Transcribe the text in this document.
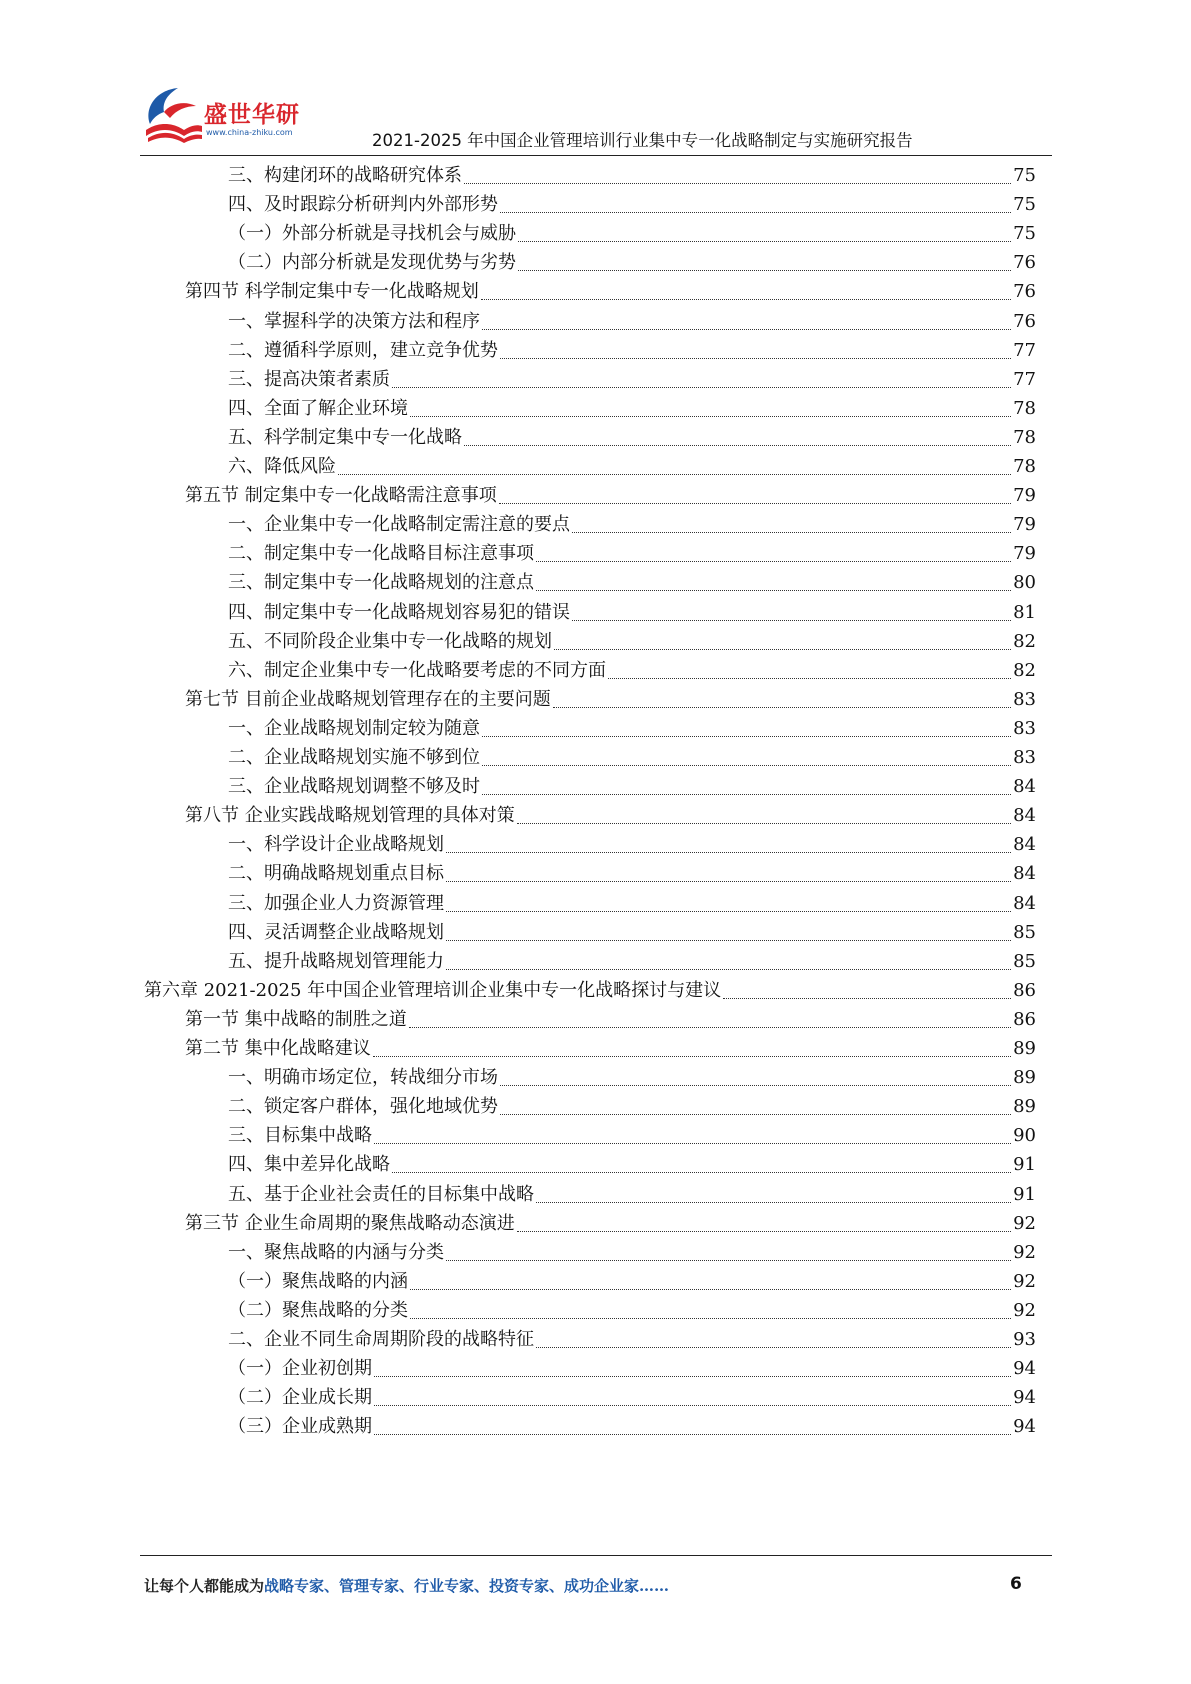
盛世华研
www.china-zhiku.com	2021-2025 年中国企业管理培训行业集中专一化战略制定与实施研究报告
三、构建闭环的战略研究体系	75
四、及时跟踪分析研判内外部形势	75
（一）外部分析就是寻找机会与威胁	75
（二）内部分析就是发现优势与劣势	76
第四节 科学制定集中专一化战略规划	76
一、掌握科学的决策方法和程序	76
二、遵循科学原则，建立竞争优势	77
三、提高决策者素质	77
四、全面了解企业环境	78
五、科学制定集中专一化战略	78
六、降低风险	78
第五节 制定集中专一化战略需注意事项	79
一、企业集中专一化战略制定需注意的要点	79
二、制定集中专一化战略目标注意事项	79
三、制定集中专一化战略规划的注意点	80
四、制定集中专一化战略规划容易犯的错误	81
五、不同阶段企业集中专一化战略的规划	82
六、制定企业集中专一化战略要考虑的不同方面	82
第七节 目前企业战略规划管理存在的主要问题	83
一、企业战略规划制定较为随意	83
二、企业战略规划实施不够到位	83
三、企业战略规划调整不够及时	84
第八节 企业实践战略规划管理的具体对策	84
一、科学设计企业战略规划	84
二、明确战略规划重点目标	84
三、加强企业人力资源管理	84
四、灵活调整企业战略规划	85
五、提升战略规划管理能力	85
第六章 2021-2025 年中国企业管理培训企业集中专一化战略探讨与建议	86
第一节 集中战略的制胜之道	86
第二节 集中化战略建议	89
一、明确市场定位，转战细分市场	89
二、锁定客户群体，强化地域优势	89
三、目标集中战略	90
四、集中差异化战略	91
五、基于企业社会责任的目标集中战略	91
第三节 企业生命周期的聚焦战略动态演进	92
一、聚焦战略的内涵与分类	92
（一）聚焦战略的内涵	92
（二）聚焦战略的分类	92
二、企业不同生命周期阶段的战略特征	93
（一）企业初创期	94
（二）企业成长期	94
（三）企业成熟期	94
让每个人都能成为战略专家、管理专家、行业专家、投资专家、成功企业家……	6
